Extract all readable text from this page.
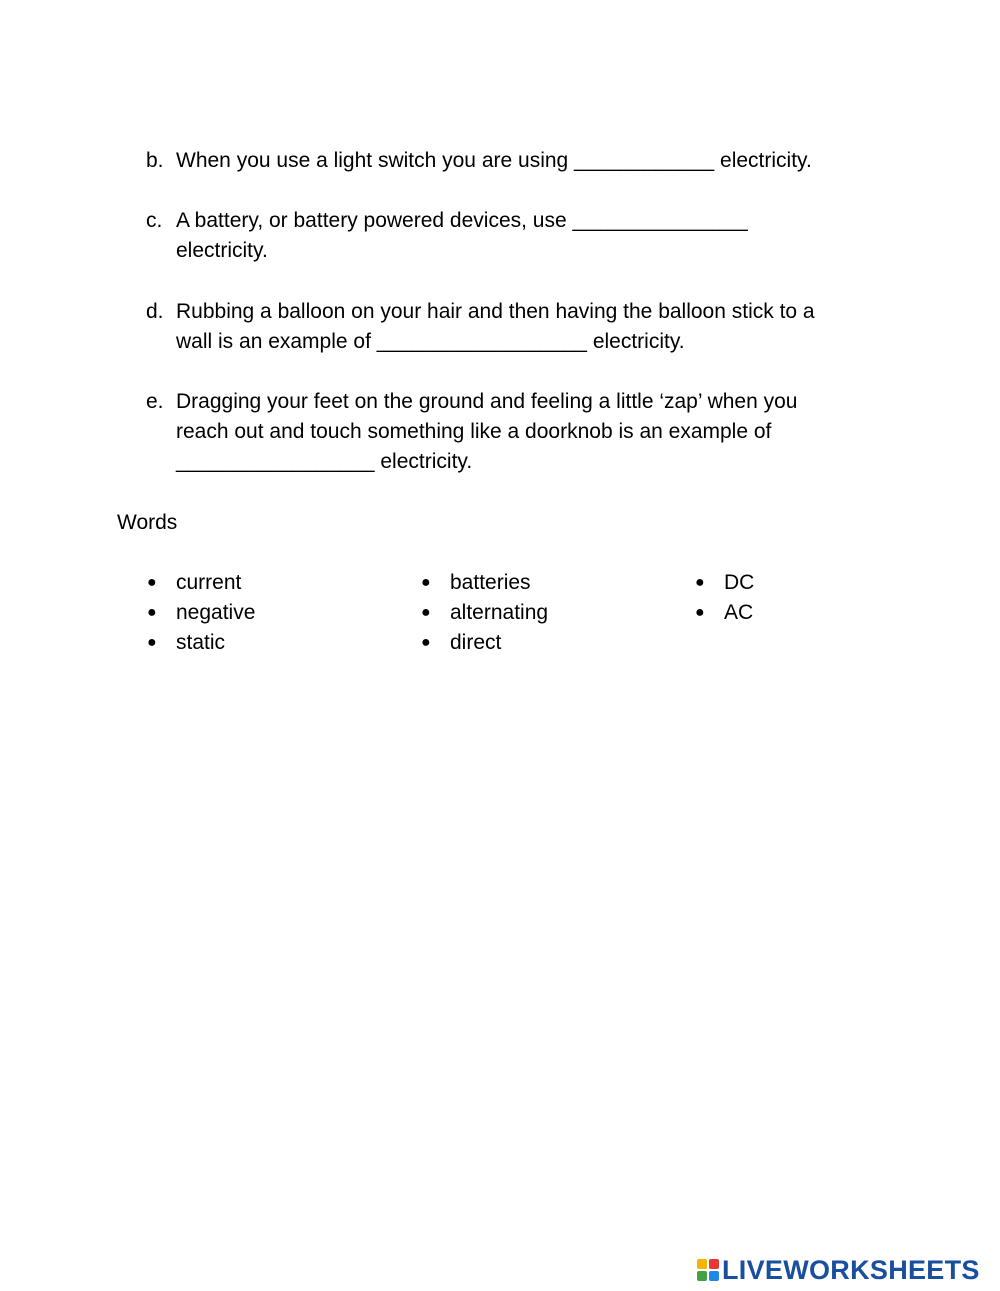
b. When you use a light switch you are using ____________ electricity.
c. A battery, or battery powered devices, use _______________
electricity.
d. Rubbing a balloon on your hair and then having the balloon stick to a
wall is an example of __________________ electricity.
e. Dragging your feet on the ground and feeling a little ‘zap’ when you
reach out and touch something like a doorknob is an example of
_________________ electricity.
Words
● current
● negative
● static
● batteries
● alternating
● direct
● DC
● AC
LIVEWORKSHEETS
